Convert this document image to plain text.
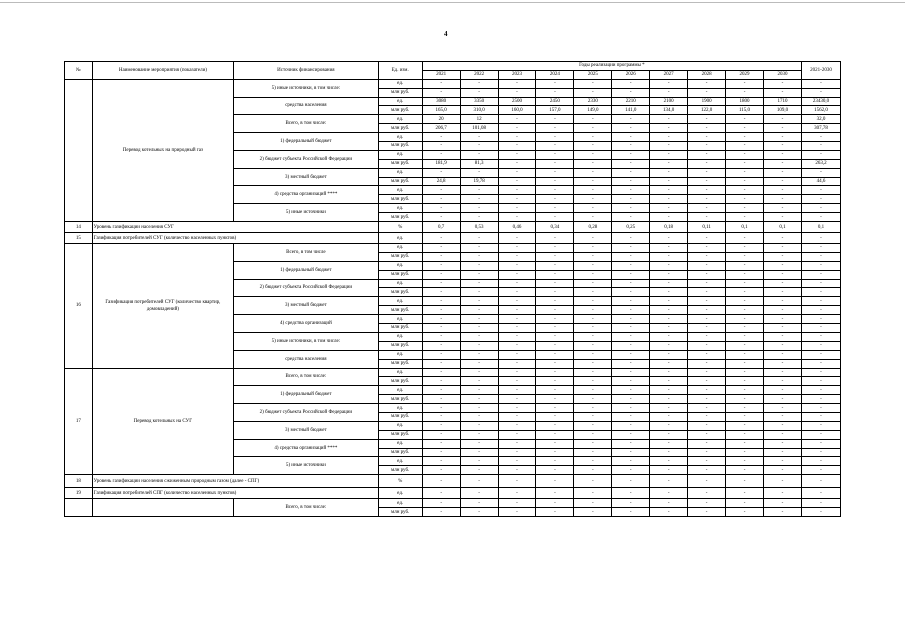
4
№	Наименование мероприятия (показатели)	Источник финансирования	Ед. изм.	Годы реализации программы *										2021-2030
				2021	2022	2023	2024	2025	2026	2027	2028	2029	2030	
	Перевод котельных на природный газ	5) иные источники, в том числе:	ед.	-	-	-	-	-	-	-	-	-	-	-
			млн руб.	-	-	-	-	-	-	-	-	-	-	-
		средства населения	ед.	3080	3350	2500	2450	2330	2210	2100	1900	1800	1710	23430,0
			млн руб.	165,0	310,0	160,0	157,0	149,0	141,0	134,0	122,0	115,0	109,0	1562,0
		Всего, в том числе:	ед.	20	12	-	-	-	-	-	-	-	-	32,0
			млн руб.	206,7	101,08	-	-	-	-	-	-	-	-	307,78
		1) федеральный бюджет	ед.	-	-	-	-	-	-	-	-	-	-	-
			млн руб.	-	-	-	-	-	-	-	-	-	-	-
		2) бюджет субъекта Российской Федерации	ед.	-	-	-	-	-	-	-	-	-	-	-
			млн руб.	181,9	81,3	-	-	-	-	-	-	-	-	263,2
		3) местный бюджет	ед.	-	-	-	-	-	-	-	-	-	-	-
			млн руб.	24,8	19,78	-	-	-	-	-	-	-	-	44,6
		4) средства организаций ****	ед.	-	-	-	-	-	-	-	-	-	-	-
			млн руб.	-	-	-	-	-	-	-	-	-	-	-
		5) иные источники	ед.	-	-	-	-	-	-	-	-	-	-	-
			млн руб.	-	-	-	-	-	-	-	-	-	-	-
14	Уровень газификации населения СУГ		%	0,7	0,53	0,46	0,34	0,28	0,25	0,18	0,11	0,1	0,1	0,1
15	Газификация потребителей СУГ (количество населенных пунктов)		ед.	-	-	-	-	-	-	-	-	-	-	-
16	Газификация потребителей СУГ (количество квартир, домовладений)	Всего, в том числе	ед.	-	-	-	-	-	-	-	-	-	-	-
			млн руб.	-	-	-	-	-	-	-	-	-	-	-
		1) федеральный бюджет	ед.	-	-	-	-	-	-	-	-	-	-	-
			млн руб.	-	-	-	-	-	-	-	-	-	-	-
		2) бюджет субъекта Российской Федерации	ед.	-	-	-	-	-	-	-	-	-	-	-
			млн руб.	-	-	-	-	-	-	-	-	-	-	-
		3) местный бюджет	ед.	-	-	-	-	-	-	-	-	-	-	-
			млн руб.	-	-	-	-	-	-	-	-	-	-	-
		4) средства организаций	ед.	-	-	-	-	-	-	-	-	-	-	-
			млн руб.	-	-	-	-	-	-	-	-	-	-	-
		5) иные источники, в том числе:	ед.	-	-	-	-	-	-	-	-	-	-	-
			млн руб.	-	-	-	-	-	-	-	-	-	-	-
		средства населения	ед.	-	-	-	-	-	-	-	-	-	-	-
			млн руб.	-	-	-	-	-	-	-	-	-	-	-
17	Перевод котельных на СУГ	Всего, в том числе:	ед.	-	-	-	-	-	-	-	-	-	-	-
			млн руб.	-	-	-	-	-	-	-	-	-	-	-
		1) федеральный бюджет	ед.	-	-	-	-	-	-	-	-	-	-	-
			млн руб.	-	-	-	-	-	-	-	-	-	-	-
		2) бюджет субъекта Российской Федерации	ед.	-	-	-	-	-	-	-	-	-	-	-
			млн руб.	-	-	-	-	-	-	-	-	-	-	-
		3) местный бюджет	ед.	-	-	-	-	-	-	-	-	-	-	-
			млн руб.	-	-	-	-	-	-	-	-	-	-	-
		4) средства организаций ****	ед.	-	-	-	-	-	-	-	-	-	-	-
			млн руб.	-	-	-	-	-	-	-	-	-	-	-
		5) иные источники	ед.	-	-	-	-	-	-	-	-	-	-	-
			млн руб.	-	-	-	-	-	-	-	-	-	-	-
18	Уровень газификации населения сжиженным природным газом (далее - СПГ)		%	-	-	-	-	-	-	-	-	-	-	-
19	Газификация потребителей СПГ (количество населенных пунктов)		ед.	-	-	-	-	-	-	-	-	-	-	-
		Всего, в том числе:	ед.	-	-	-	-	-	-	-	-	-	-	-
			млн руб.	-	-	-	-	-	-	-	-	-	-	-
